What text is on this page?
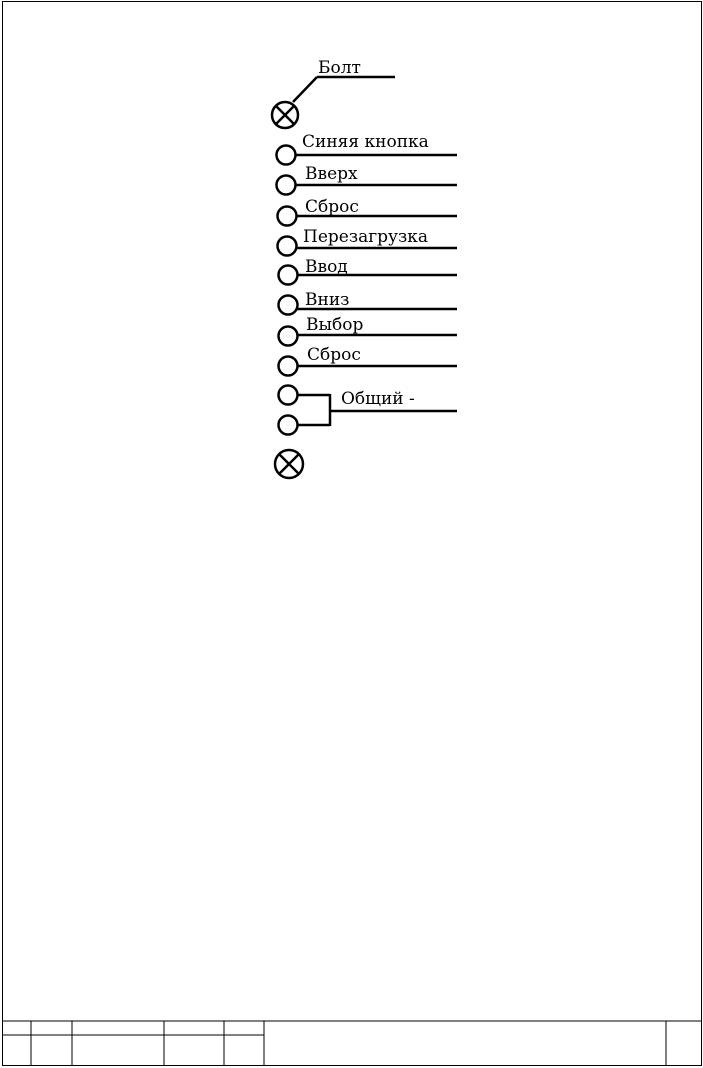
Болт
Синяя кнопка
Вверх
Сброс
Перезагрузка
Ввод
Вниз
Выбор
Сброс
Общий -
